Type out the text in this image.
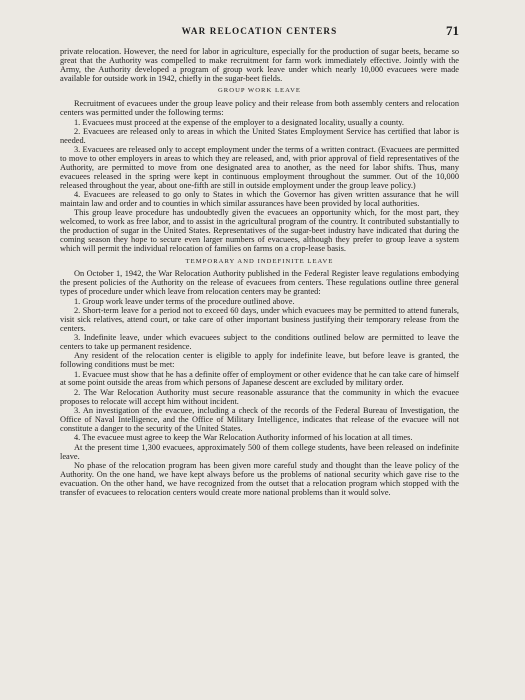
WAR RELOCATION CENTERS	71

private relocation. However, the need for labor in agriculture, especially for the production of sugar beets, became so great that the Authority was compelled to make recruitment for farm work immediately effective. Jointly with the Army, the Authority developed a program of group work leave under which nearly 10,000 evacuees were made available for outside work in 1942, chiefly in the sugar-beet fields.

GROUP WORK LEAVE

Recruitment of evacuees under the group leave policy and their release from both assembly centers and relocation centers was permitted under the following terms:

1. Evacuees must proceed at the expense of the employer to a designated locality, usually a county.

2. Evacuees are released only to areas in which the United States Employment Service has certified that labor is needed.

3. Evacuees are released only to accept employment under the terms of a written contract. (Evacuees are permitted to move to other employers in areas to which they are released, and, with prior approval of field representatives of the Authority, are permitted to move from one designated area to another, as the need for labor shifts. Thus, many evacuees released in the spring were kept in continuous employment throughout the summer. Out of the 10,000 released throughout the year, about one-fifth are still in outside employment under the group leave policy.)

4. Evacuees are released to go only to States in which the Governor has given written assurance that he will maintain law and order and to counties in which similar assurances have been provided by local authorities.

This group leave procedure has undoubtedly given the evacuees an opportunity which, for the most part, they welcomed, to work as free labor, and to assist in the agricultural program of the country. It contributed substantially to the production of sugar in the United States. Representatives of the sugar-beet industry have indicated that during the coming season they hope to secure even larger numbers of evacuees, although they prefer to group leave a system which will permit the individual relocation of families on farms on a crop-lease basis.

TEMPORARY AND INDEFINITE LEAVE

On October 1, 1942, the War Relocation Authority published in the Federal Register leave regulations embodying the present policies of the Authority on the release of evacuees from centers. These regulations outline three general types of procedure under which leave from relocation centers may be granted:

1. Group work leave under terms of the procedure outlined above.

2. Short-term leave for a period not to exceed 60 days, under which evacuees may be permitted to attend funerals, visit sick relatives, attend court, or take care of other important business justifying their temporary release from the centers.

3. Indefinite leave, under which evacuees subject to the conditions outlined below are permitted to leave the centers to take up permanent residence.

Any resident of the relocation center is eligible to apply for indefinite leave, but before leave is granted, the following conditions must be met:

1. Evacuee must show that he has a definite offer of employment or other evidence that he can take care of himself at some point outside the areas from which persons of Japanese descent are excluded by military order.

2. The War Relocation Authority must secure reasonable assurance that the community in which the evacuee proposes to relocate will accept him without incident.

3. An investigation of the evacuee, including a check of the records of the Federal Bureau of Investigation, the Office of Naval Intelligence, and the Office of Military Intelligence, indicates that release of the evacuee will not constitute a danger to the security of the United States.

4. The evacuee must agree to keep the War Relocation Authority informed of his location at all times.

At the present time 1,300 evacuees, approximately 500 of them college students, have been released on indefinite leave.

No phase of the relocation program has been given more careful study and thought than the leave policy of the Authority. On the one hand, we have kept always before us the problems of national security which gave rise to the evacuation. On the other hand, we have recognized from the outset that a relocation program which stopped with the transfer of evacuees to relocation centers would create more national problems than it would solve.
